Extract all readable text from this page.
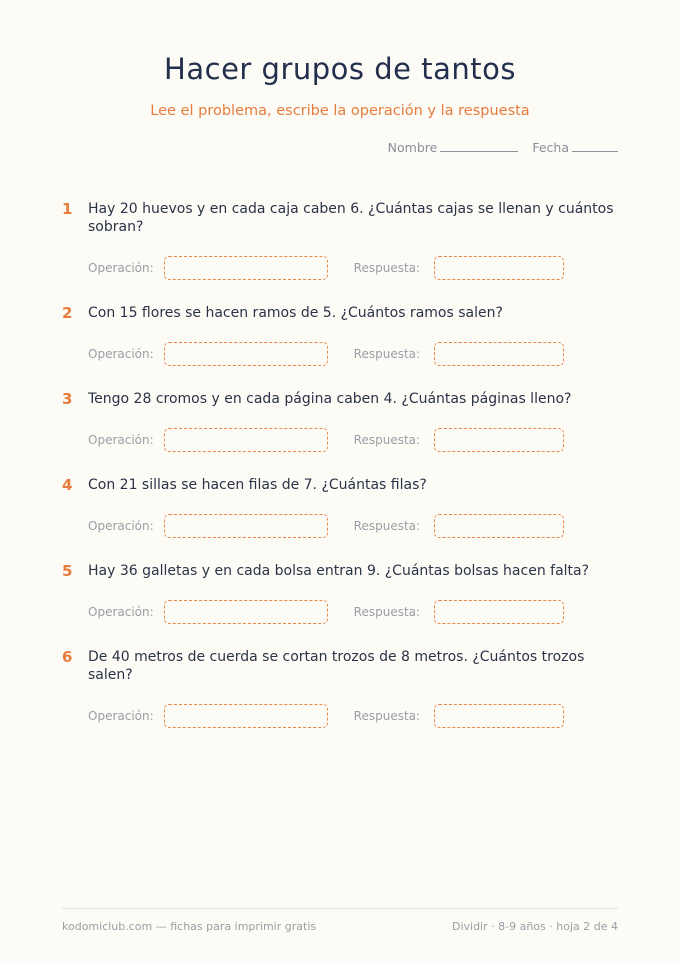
Hacer grupos de tantos
Lee el problema, escribe la operación y la respuesta
Nombre	Fecha
1 Hay 20 huevos y en cada caja caben 6. ¿Cuántas cajas se llenan y cuántos sobran?
Operación:	Respuesta:
2 Con 15 flores se hacen ramos de 5. ¿Cuántos ramos salen?
Operación:	Respuesta:
3 Tengo 28 cromos y en cada página caben 4. ¿Cuántas páginas lleno?
Operación:	Respuesta:
4 Con 21 sillas se hacen filas de 7. ¿Cuántas filas?
Operación:	Respuesta:
5 Hay 36 galletas y en cada bolsa entran 9. ¿Cuántas bolsas hacen falta?
Operación:	Respuesta:
6 De 40 metros de cuerda se cortan trozos de 8 metros. ¿Cuántos trozos salen?
Operación:	Respuesta:
kodomiclub.com — fichas para imprimir gratis	Dividir · 8-9 años · hoja 2 de 4
